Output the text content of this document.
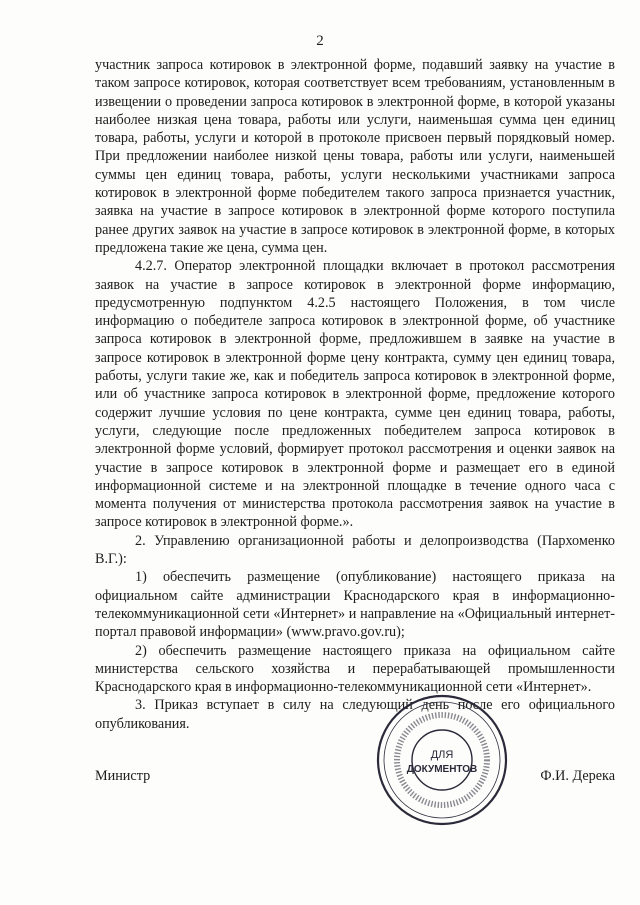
2

участник запроса котировок в электронной форме, подавший заявку на участие в таком запросе котировок, которая соответствует всем требованиям, установленным в извещении о проведении запроса котировок в электронной форме, в которой указаны наиболее низкая цена товара, работы или услуги, наименьшая сумма цен единиц товара, работы, услуги и которой в протоколе присвоен первый порядковый номер. При предложении наиболее низкой цены товара, работы или услуги, наименьшей суммы цен единиц товара, работы, услуги несколькими участниками запроса котировок в электронной форме победителем такого запроса признается участник, заявка на участие в запросе котировок в электронной форме которого поступила ранее других заявок на участие в запросе котировок в электронной форме, в которых предложена такие же цена, сумма цен.

4.2.7. Оператор электронной площадки включает в протокол рассмотрения заявок на участие в запросе котировок в электронной форме информацию, предусмотренную подпунктом 4.2.5 настоящего Положения, в том числе информацию о победителе запроса котировок в электронной форме, об участнике запроса котировок в электронной форме, предложившем в заявке на участие в запросе котировок в электронной форме цену контракта, сумму цен единиц товара, работы, услуги такие же, как и победитель запроса котировок в электронной форме, или об участнике запроса котировок в электронной форме, предложение которого содержит лучшие условия по цене контракта, сумме цен единиц товара, работы, услуги, следующие после предложенных победителем запроса котировок в электронной форме условий, формирует протокол рассмотрения и оценки заявок на участие в запросе котировок в электронной форме и размещает его в единой информационной системе и на электронной площадке в течение одного часа с момента получения от министерства протокола рассмотрения заявок на участие в запросе котировок в электронной форме.».

2. Управлению организационной работы и делопроизводства (Пархоменко В.Г.):

1) обеспечить размещение (опубликование) настоящего приказа на официальном сайте администрации Краснодарского края в информационно-телекоммуникационной сети «Интернет» и направление на «Официальный интернет-портал правовой информации» (www.pravo.gov.ru);

2) обеспечить размещение настоящего приказа на официальном сайте министерства сельского хозяйства и перерабатывающей промышленности Краснодарского края в информационно-телекоммуникационной сети «Интернет».

3. Приказ вступает в силу на следующий день после его официального опубликования.

ДЛЯ
ДОКУМЕНТОВ
Министр	Ф.И. Дерека
